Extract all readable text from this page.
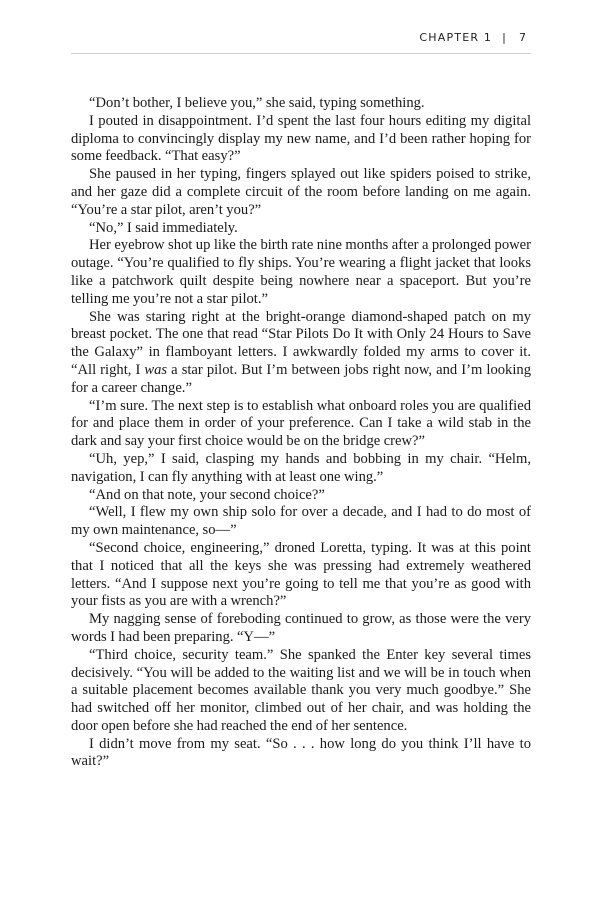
CHAPTER 1 | 7

“Don’t bother, I believe you,” she said, typing something.

I pouted in disappointment. I’d spent the last four hours editing my digital diploma to convincingly display my new name, and I’d been rather hoping for some feedback. “That easy?”

She paused in her typing, fingers splayed out like spiders poised to strike, and her gaze did a complete circuit of the room before landing on me again. “You’re a star pilot, aren’t you?”

“No,” I said immediately.

Her eyebrow shot up like the birth rate nine months after a prolonged power outage. “You’re qualified to fly ships. You’re wearing a flight jacket that looks like a patchwork quilt despite being nowhere near a spaceport. But you’re telling me you’re not a star pilot.”

She was staring right at the bright-orange diamond-shaped patch on my breast pocket. The one that read “Star Pilots Do It with Only 24 Hours to Save the Galaxy” in flamboyant letters. I awkwardly folded my arms to cover it. “All right, I was a star pilot. But I’m between jobs right now, and I’m looking for a career change.”

“I’m sure. The next step is to establish what onboard roles you are qualified for and place them in order of your preference. Can I take a wild stab in the dark and say your first choice would be on the bridge crew?”

“Uh, yep,” I said, clasping my hands and bobbing in my chair. “Helm, navigation, I can fly anything with at least one wing.”

“And on that note, your second choice?”

“Well, I flew my own ship solo for over a decade, and I had to do most of my own maintenance, so—”

“Second choice, engineering,” droned Loretta, typing. It was at this point that I noticed that all the keys she was pressing had extremely weathered letters. “And I suppose next you’re going to tell me that you’re as good with your fists as you are with a wrench?”

My nagging sense of foreboding continued to grow, as those were the very words I had been preparing. “Y—”

“Third choice, security team.” She spanked the Enter key several times decisively. “You will be added to the waiting list and we will be in touch when a suitable placement becomes available thank you very much goodbye.” She had switched off her monitor, climbed out of her chair, and was holding the door open before she had reached the end of her sentence.

I didn’t move from my seat. “So . . . how long do you think I’ll have to wait?”
